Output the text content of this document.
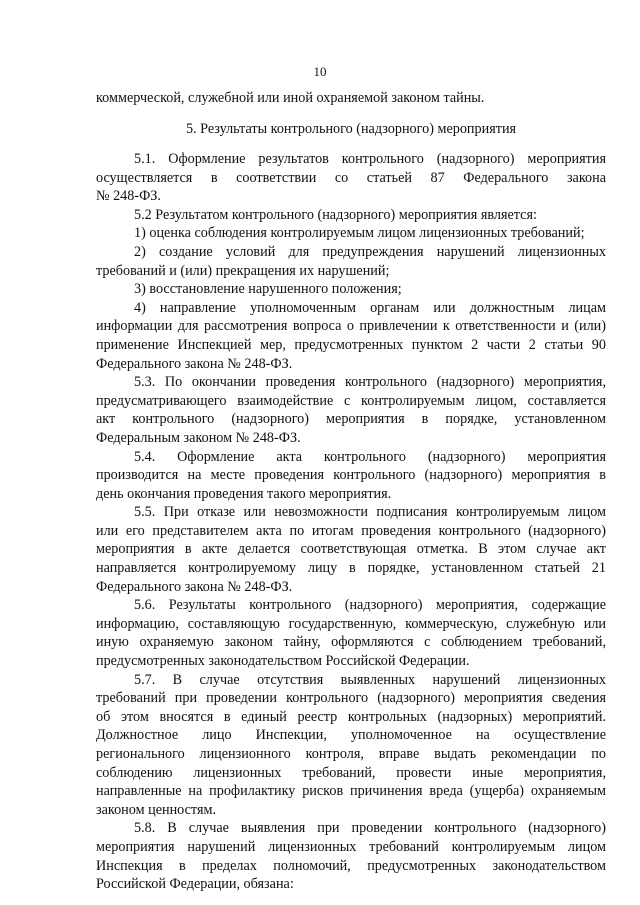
10
коммерческой, служебной или иной охраняемой законом тайны.
5. Результаты контрольного (надзорного) мероприятия
5.1. Оформление результатов контрольного (надзорного) мероприятия
осуществляется в соответствии со статьей 87 Федерального закона
№ 248-ФЗ.
5.2 Результатом контрольного (надзорного) мероприятия является:
1) оценка соблюдения контролируемым лицом лицензионных требований;
2) создание условий для предупреждения нарушений лицензионных
требований и (или) прекращения их нарушений;
3) восстановление нарушенного положения;
4) направление уполномоченным органам или должностным лицам
информации для рассмотрения вопроса о привлечении к ответственности и (или)
применение Инспекцией мер, предусмотренных пунктом 2 части 2 статьи 90
Федерального закона № 248-ФЗ.
5.3. По окончании проведения контрольного (надзорного) мероприятия,
предусматривающего взаимодействие с контролируемым лицом, составляется
акт контрольного (надзорного) мероприятия в порядке, установленном
Федеральным законом № 248-ФЗ.
5.4. Оформление акта контрольного (надзорного) мероприятия
производится на месте проведения контрольного (надзорного) мероприятия в
день окончания проведения такого мероприятия.
5.5. При отказе или невозможности подписания контролируемым лицом
или его представителем акта по итогам проведения контрольного (надзорного)
мероприятия в акте делается соответствующая отметка. В этом случае акт
направляется контролируемому лицу в порядке, установленном статьей 21
Федерального закона № 248-ФЗ.
5.6. Результаты контрольного (надзорного) мероприятия, содержащие
информацию, составляющую государственную, коммерческую, служебную или
иную охраняемую законом тайну, оформляются с соблюдением требований,
предусмотренных законодательством Российской Федерации.
5.7. В случае отсутствия выявленных нарушений лицензионных
требований при проведении контрольного (надзорного) мероприятия сведения
об этом вносятся в единый реестр контрольных (надзорных) мероприятий.
Должностное лицо Инспекции, уполномоченное на осуществление
регионального лицензионного контроля, вправе выдать рекомендации по
соблюдению лицензионных требований, провести иные мероприятия,
направленные на профилактику рисков причинения вреда (ущерба) охраняемым
законом ценностям.
5.8. В случае выявления при проведении контрольного (надзорного)
мероприятия нарушений лицензионных требований контролируемым лицом
Инспекция в пределах полномочий, предусмотренных законодательством
Российской Федерации, обязана:
